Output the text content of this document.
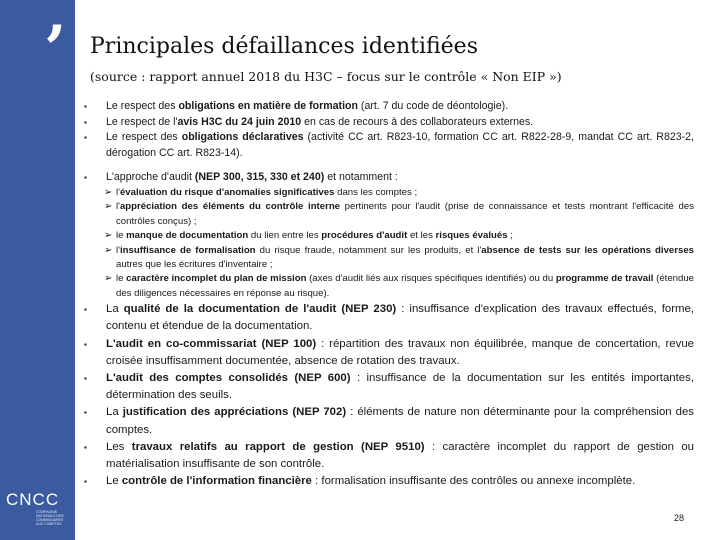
’
CNCC
COMPAGNIE NATIONALE DES COMMISSAIRES AUX COMPTES
Principales défaillances identifiées
(source : rapport annuel 2018 du H3C – focus sur le contrôle « Non EIP »)
▪ Le respect des obligations en matière de formation (art. 7 du code de déontologie).
▪ Le respect de l'avis H3C du 24 juin 2010 en cas de recours à des collaborateurs externes.
▪ Le respect des obligations déclaratives (activité CC art. R823-10, formation CC art. R822-28-9, mandat CC art. R823-2, dérogation CC art. R823-14).
▪ L'approche d'audit (NEP 300, 315, 330 et 240) et notamment :
➢ l'évaluation du risque d'anomalies significatives dans les comptes ;
➢ l'appréciation des éléments du contrôle interne pertinents pour l'audit (prise de connaissance et tests montrant l'efficacité des contrôles conçus) ;
➢ le manque de documentation du lien entre les procédures d'audit et les risques évalués ;
➢ l'insuffisance de formalisation du risque fraude, notamment sur les produits, et l'absence de tests sur les opérations diverses autres que les écritures d'inventaire ;
➢ le caractère incomplet du plan de mission (axes d'audit liés aux risques spécifiques identifiés) ou du programme de travail (étendue des diligences nécessaires en réponse au risque).
▪ La qualité de la documentation de l'audit (NEP 230) : insuffisance d'explication des travaux effectués, forme, contenu et étendue de la documentation.
▪ L'audit en co-commissariat (NEP 100) : répartition des travaux non équilibrée, manque de concertation, revue croisée insuffisamment documentée, absence de rotation des travaux.
▪ L'audit des comptes consolidés (NEP 600) : insuffisance de la documentation sur les entités importantes, détermination des seuils.
▪ La justification des appréciations (NEP 702) : éléments de nature non déterminante pour la compréhension des comptes.
▪ Les travaux relatifs au rapport de gestion (NEP 9510) : caractère incomplet du rapport de gestion ou matérialisation insuffisante de son contrôle.
▪ Le contrôle de l'information financière : formalisation insuffisante des contrôles ou annexe incomplète.
28
